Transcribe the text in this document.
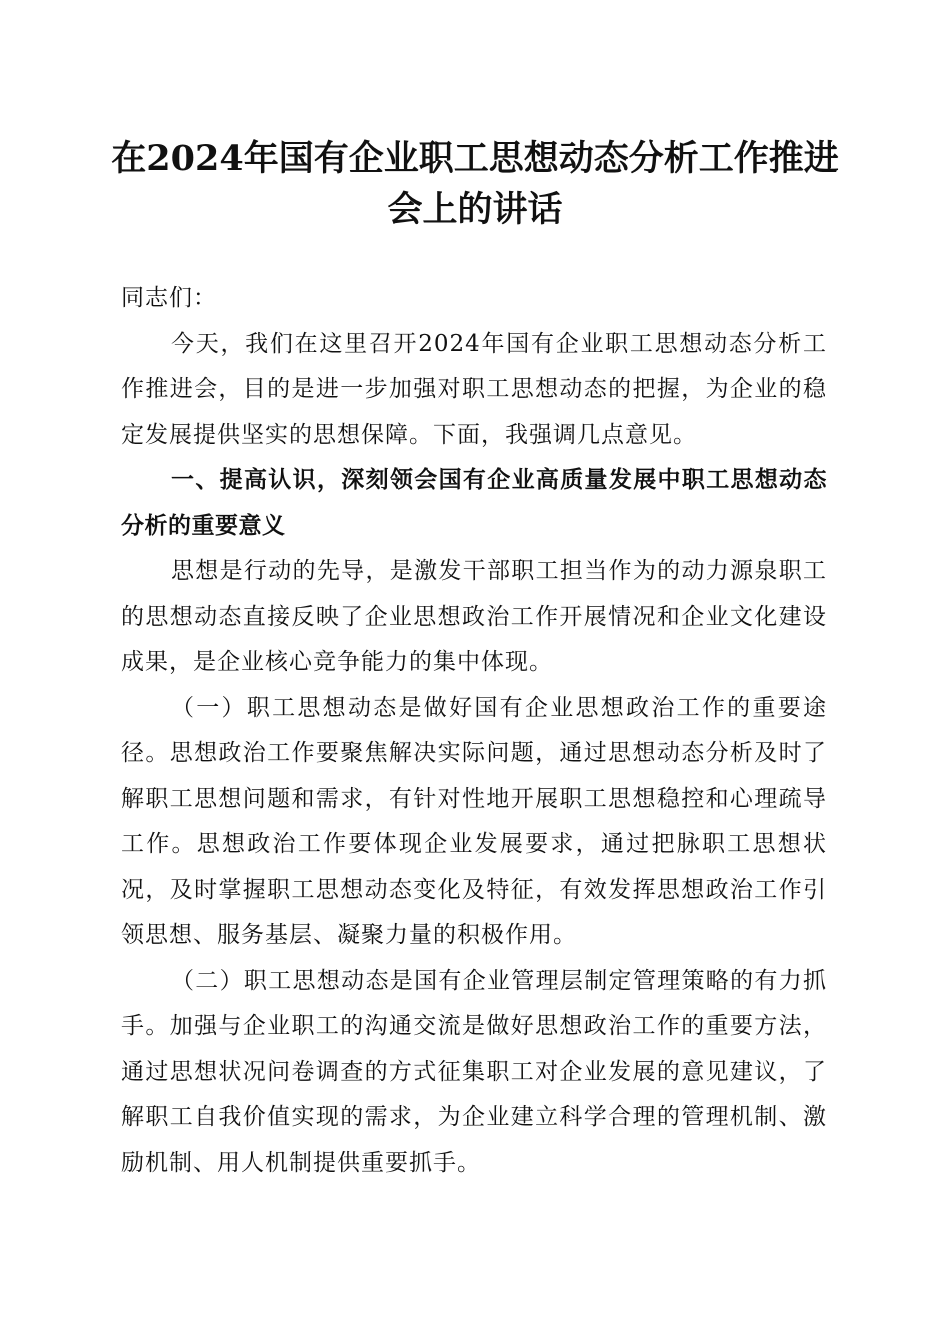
在2024年国有企业职工思想动态分析工作推进会上的讲话

同志们：

今天，我们在这里召开2024年国有企业职工思想动态分析工作推进会，目的是进一步加强对职工思想动态的把握，为企业的稳定发展提供坚实的思想保障。下面，我强调几点意见。

一、提高认识，深刻领会国有企业高质量发展中职工思想动态分析的重要意义

思想是行动的先导，是激发干部职工担当作为的动力源泉职工的思想动态直接反映了企业思想政治工作开展情况和企业文化建设成果，是企业核心竞争能力的集中体现。

（一）职工思想动态是做好国有企业思想政治工作的重要途径。思想政治工作要聚焦解决实际问题，通过思想动态分析及时了解职工思想问题和需求，有针对性地开展职工思想稳控和心理疏导工作。思想政治工作要体现企业发展要求，通过把脉职工思想状况，及时掌握职工思想动态变化及特征，有效发挥思想政治工作引领思想、服务基层、凝聚力量的积极作用。

（二）职工思想动态是国有企业管理层制定管理策略的有力抓手。加强与企业职工的沟通交流是做好思想政治工作的重要方法，通过思想状况问卷调查的方式征集职工对企业发展的意见建议，了解职工自我价值实现的需求，为企业建立科学合理的管理机制、激励机制、用人机制提供重要抓手。
